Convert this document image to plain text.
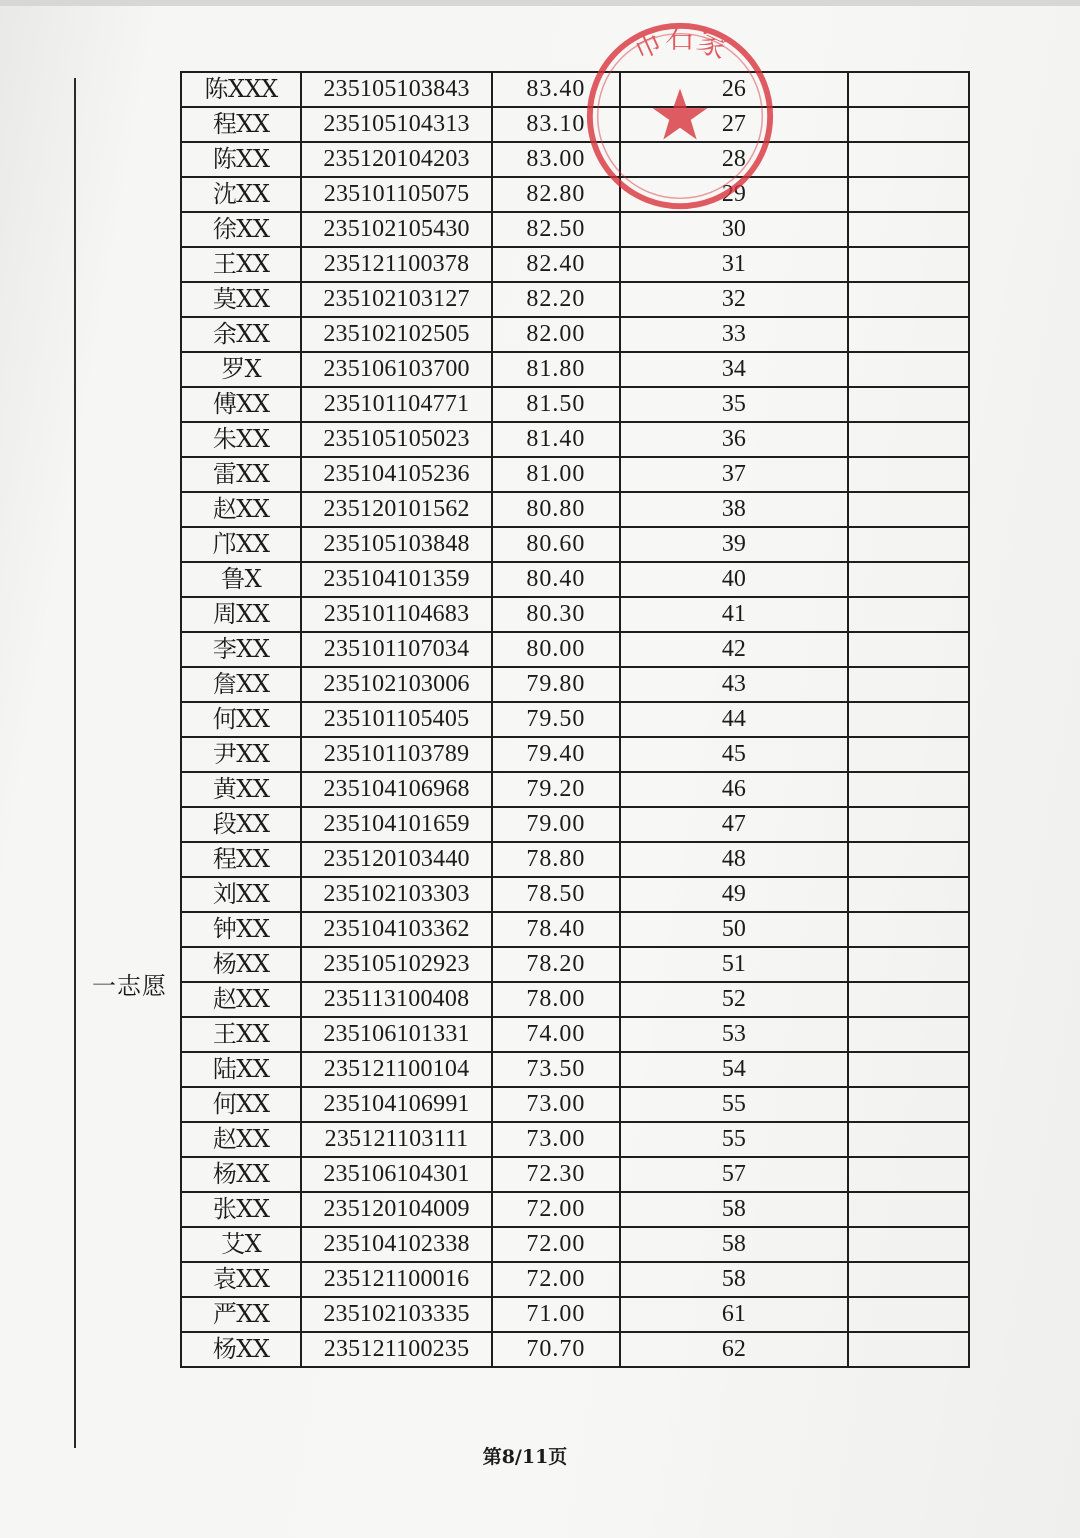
一志愿
陈XXX	235105103843	83.40	26	
程XX	235105104313	83.10	27	
陈XX	235120104203	83.00	28	
沈XX	235101105075	82.80	29	
徐XX	235102105430	82.50	30	
王XX	235121100378	82.40	31	
莫XX	235102103127	82.20	32	
余XX	235102102505	82.00	33	
罗X	235106103700	81.80	34	
傅XX	235101104771	81.50	35	
朱XX	235105105023	81.40	36	
雷XX	235104105236	81.00	37	
赵XX	235120101562	80.80	38	
邝XX	235105103848	80.60	39	
鲁X	235104101359	80.40	40	
周XX	235101104683	80.30	41	
李XX	235101107034	80.00	42	
詹XX	235102103006	79.80	43	
何XX	235101105405	79.50	44	
尹XX	235101103789	79.40	45	
黄XX	235104106968	79.20	46	
段XX	235104101659	79.00	47	
程XX	235120103440	78.80	48	
刘XX	235102103303	78.50	49	
钟XX	235104103362	78.40	50	
杨XX	235105102923	78.20	51	
赵XX	235113100408	78.00	52	
王XX	235106101331	74.00	53	
陆XX	235121100104	73.50	54	
何XX	235104106991	73.00	55	
赵XX	235121103111	73.00	55	
杨XX	235106104301	72.30	57	
张XX	235120104009	72.00	58	
艾X	235104102338	72.00	58	
袁XX	235121100016	72.00	58	
严XX	235102103335	71.00	61	
杨XX	235121100235	70.70	62	
市石家
第8/11页
